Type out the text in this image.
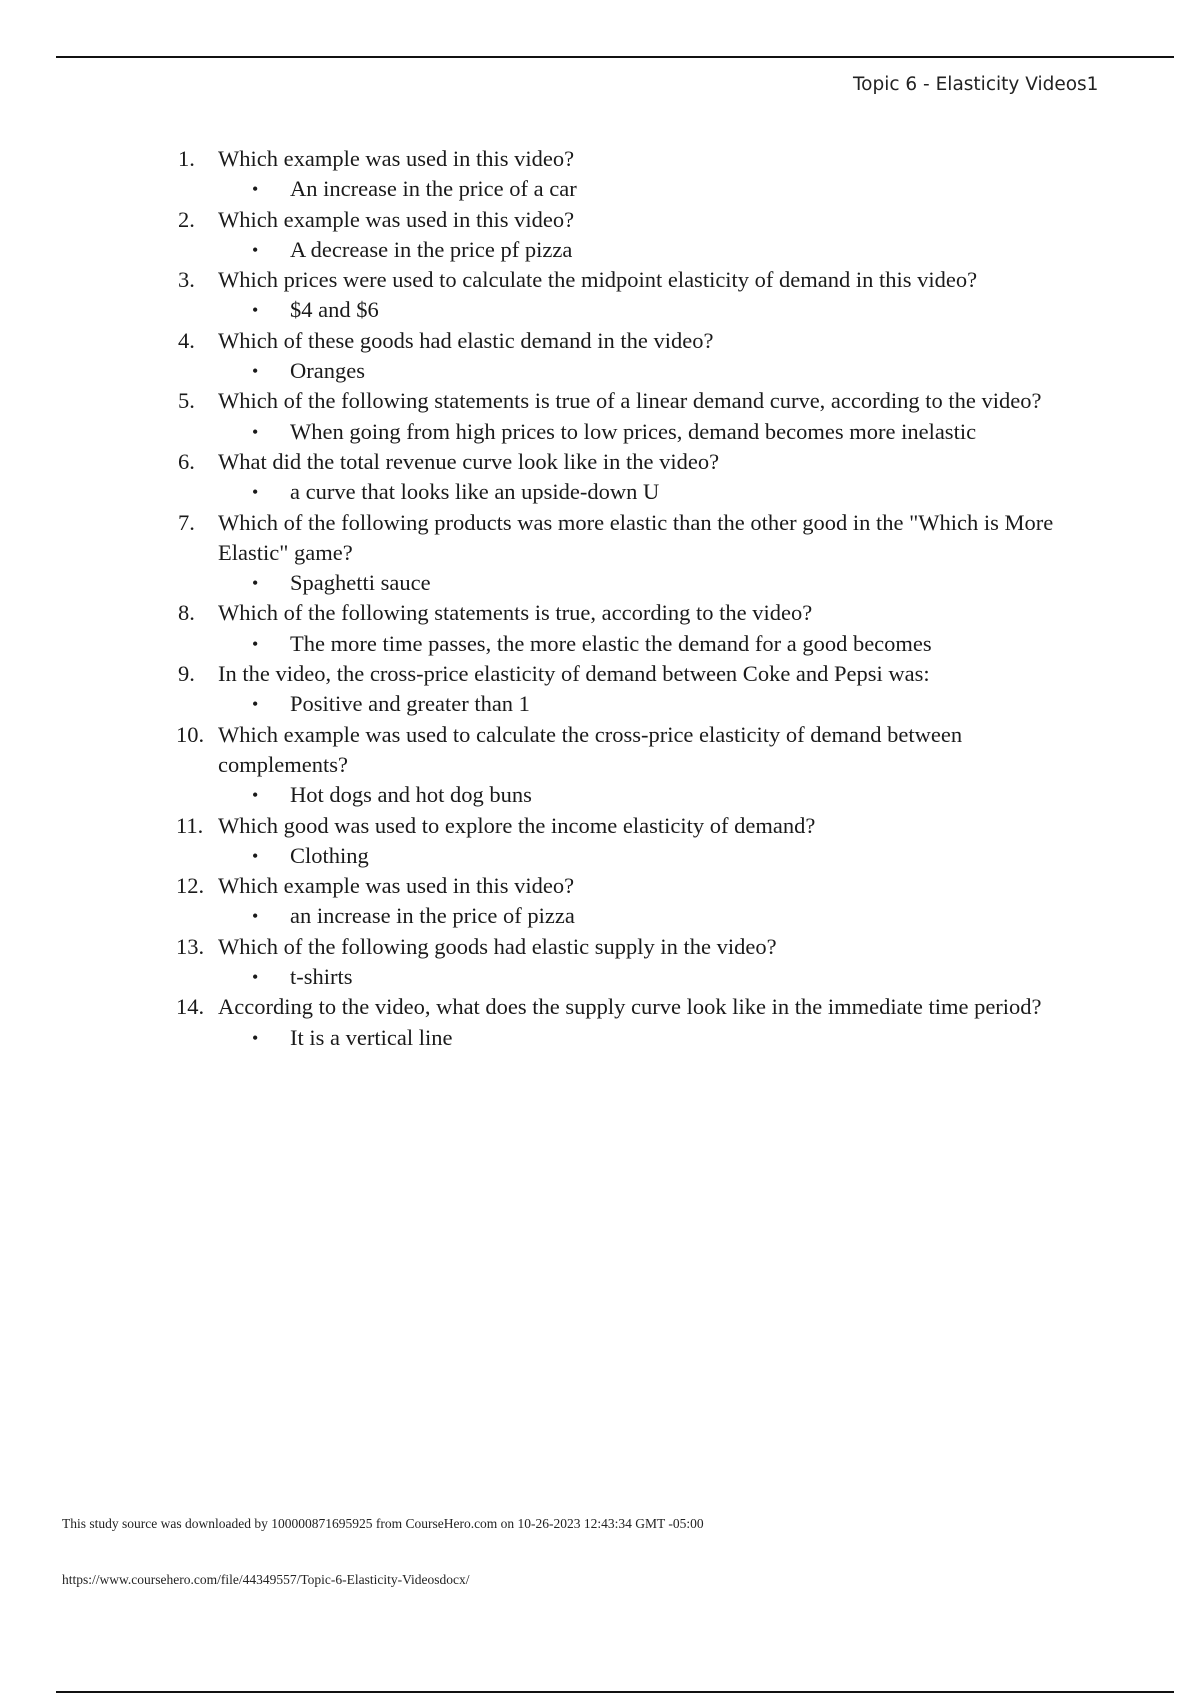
Topic 6 - Elasticity Videos1
1. Which example was used in this video?
• An increase in the price of a car
2. Which example was used in this video?
• A decrease in the price pf pizza
3. Which prices were used to calculate the midpoint elasticity of demand in this video?
• $4 and $6
4. Which of these goods had elastic demand in the video?
• Oranges
5. Which of the following statements is true of a linear demand curve, according to the video?
• When going from high prices to low prices, demand becomes more inelastic
6. What did the total revenue curve look like in the video?
• a curve that looks like an upside-down U
7. Which of the following products was more elastic than the other good in the "Which is More Elastic" game?
• Spaghetti sauce
8. Which of the following statements is true, according to the video?
• The more time passes, the more elastic the demand for a good becomes
9. In the video, the cross-price elasticity of demand between Coke and Pepsi was:
• Positive and greater than 1
10. Which example was used to calculate the cross-price elasticity of demand between complements?
• Hot dogs and hot dog buns
11. Which good was used to explore the income elasticity of demand?
• Clothing
12. Which example was used in this video?
• an increase in the price of pizza
13. Which of the following goods had elastic supply in the video?
• t-shirts
14. According to the video, what does the supply curve look like in the immediate time period?
• It is a vertical line
This study source was downloaded by 100000871695925 from CourseHero.com on 10-26-2023 12:43:34 GMT -05:00
https://www.coursehero.com/file/44349557/Topic-6-Elasticity-Videosdocx/
